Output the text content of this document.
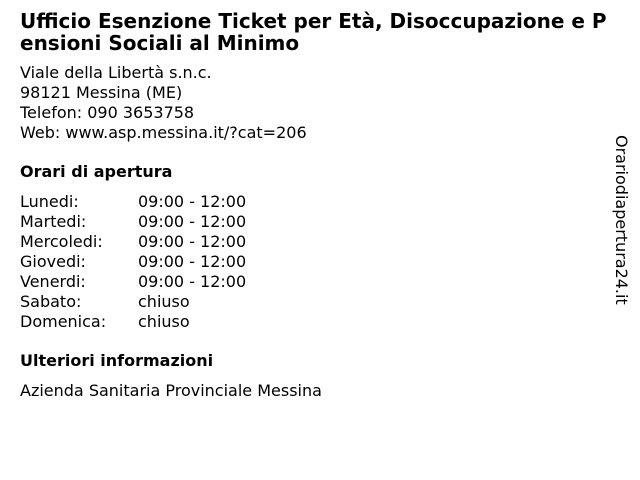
Ufficio Esenzione Ticket per Età, Disoccupazione e Pensioni Sociali al Minimo
Viale della Libertà s.n.c.
98121 Messina (ME)
Telefon: 090 3653758
Web: www.asp.messina.it/?cat=206
Orari di apertura
Lunedi:	09:00 - 12:00
Martedi:	09:00 - 12:00
Mercoledi:	09:00 - 12:00
Giovedi:	09:00 - 12:00
Venerdi:	09:00 - 12:00
Sabato:	chiuso
Domenica:	chiuso
Ulteriori informazioni
Azienda Sanitaria Provinciale Messina
Orariodiapertura24.it
